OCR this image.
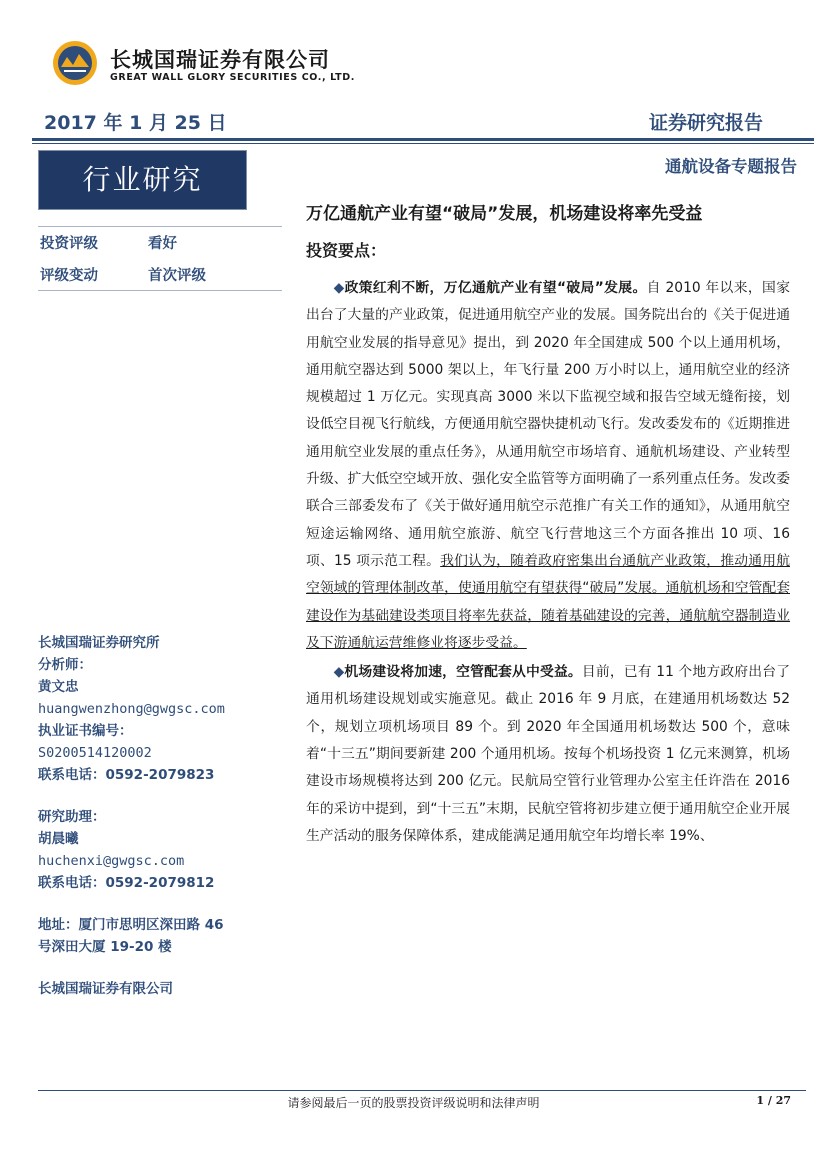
长城国瑞证券有限公司
GREAT WALL GLORY SECURITIES CO., LTD.
2017 年 1 月 25 日	证券研究报告
行业研究	通航设备专题报告
万亿通航产业有望“破局”发展，机场建设将率先受益
投资要点：
投资评级	看好
评级变动	首次评级
长城国瑞证券研究所
分析师：
黄文忠
huangwenzhong@gwgsc.com
执业证书编号：
S0200514120002
联系电话：0592-2079823
研究助理：
胡晨曦
huchenxi@gwgsc.com
联系电话：0592-2079812
地址：厦门市思明区深田路 46
号深田大厦 19-20 楼
长城国瑞证券有限公司

◆政策红利不断，万亿通航产业有望“破局”发展。自 2010 年以来，国家出台了大量的产业政策，促进通用航空产业的发展。国务院出台的《关于促进通用航空业发展的指导意见》提出，到 2020 年全国建成 500 个以上通用机场，通用航空器达到 5000 架以上，年飞行量 200 万小时以上，通用航空业的经济规模超过 1 万亿元。实现真高 3000 米以下监视空域和报告空域无缝衔接，划设低空目视飞行航线，方便通用航空器快捷机动飞行。发改委发布的《近期推进通用航空业发展的重点任务》，从通用航空市场培育、通航机场建设、产业转型升级、扩大低空空域开放、强化安全监管等方面明确了一系列重点任务。发改委联合三部委发布了《关于做好通用航空示范推广有关工作的通知》，从通用航空短途运输网络、通用航空旅游、航空飞行营地这三个方面各推出 10 项、16 项、15 项示范工程。我们认为，随着政府密集出台通航产业政策，推动通用航空领域的管理体制改革，使通用航空有望获得“破局”发展。通航机场和空管配套建设作为基础建设类项目将率先获益，随着基础建设的完善，通航航空器制造业及下游通航运营维修业将逐步受益。

◆机场建设将加速，空管配套从中受益。目前，已有 11 个地方政府出台了通用机场建设规划或实施意见。截止 2016 年 9 月底，在建通用机场数达 52 个，规划立项机场项目 89 个。到 2020 年全国通用机场数达 500 个，意味着“十三五”期间要新建 200 个通用机场。按每个机场投资 1 亿元来测算，机场建设市场规模将达到 200 亿元。民航局空管行业管理办公室主任许浩在 2016 年的采访中提到，到“十三五”末期，民航空管将初步建立便于通用航空企业开展生产活动的服务保障体系，建成能满足通用航空年均增长率 19%、

请参阅最后一页的股票投资评级说明和法律声明	1 / 27
